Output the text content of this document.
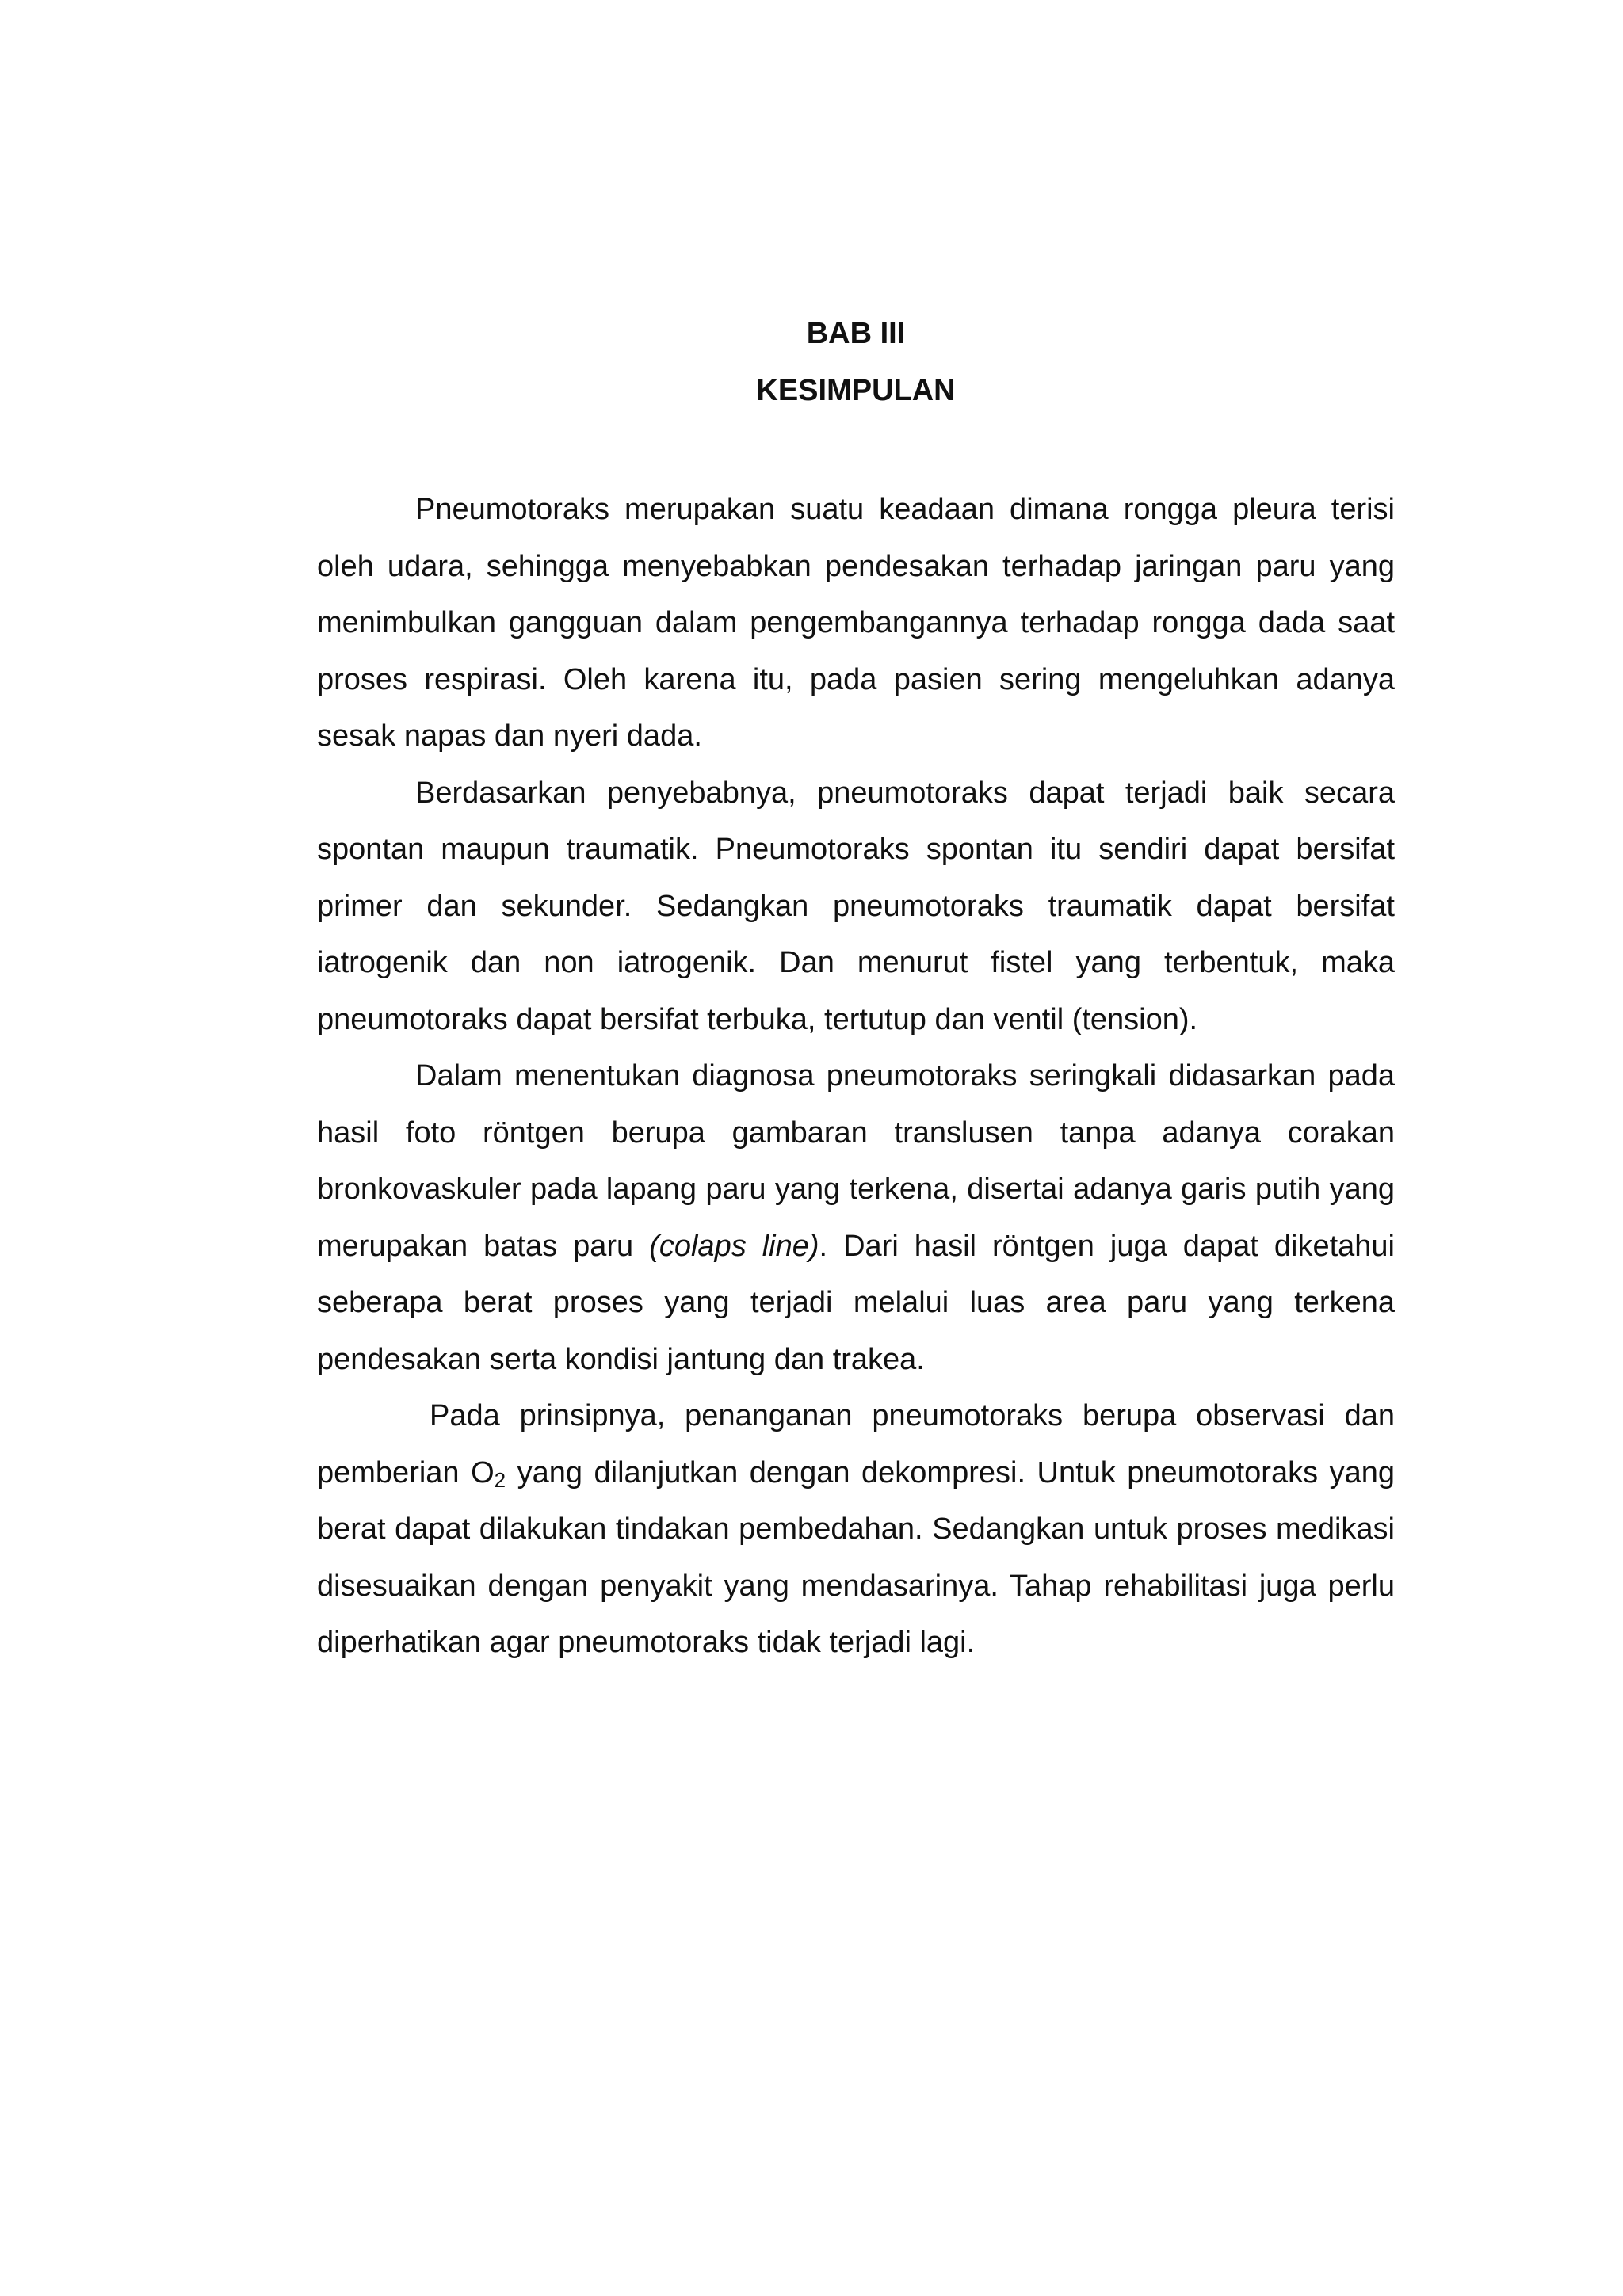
BAB III

KESIMPULAN

Pneumotoraks merupakan suatu keadaan dimana rongga pleura terisi oleh udara, sehingga menyebabkan pendesakan terhadap jaringan paru yang menimbulkan gangguan dalam pengembangannya terhadap rongga dada saat proses respirasi. Oleh karena itu, pada pasien sering mengeluhkan adanya sesak napas dan nyeri dada.

Berdasarkan penyebabnya, pneumotoraks dapat terjadi baik secara spontan maupun traumatik. Pneumotoraks spontan itu sendiri dapat bersifat primer dan sekunder. Sedangkan pneumotoraks traumatik dapat bersifat iatrogenik dan non iatrogenik. Dan menurut fistel yang terbentuk, maka pneumotoraks dapat bersifat terbuka, tertutup dan ventil (tension).

Dalam menentukan diagnosa pneumotoraks seringkali didasarkan pada hasil foto röntgen berupa gambaran translusen tanpa adanya corakan bronkovaskuler pada lapang paru yang terkena, disertai adanya garis putih yang merupakan batas paru (colaps line). Dari hasil röntgen juga dapat diketahui seberapa berat proses yang terjadi melalui luas area paru yang terkena pendesakan serta kondisi jantung dan trakea.

Pada prinsipnya, penanganan pneumotoraks berupa observasi dan pemberian $O_2$ yang dilanjutkan dengan dekompresi. Untuk pneumotoraks yang berat dapat dilakukan tindakan pembedahan. Sedangkan untuk proses medikasi disesuaikan dengan penyakit yang mendasarinya. Tahap rehabilitasi juga perlu diperhatikan agar pneumotoraks tidak terjadi lagi.
